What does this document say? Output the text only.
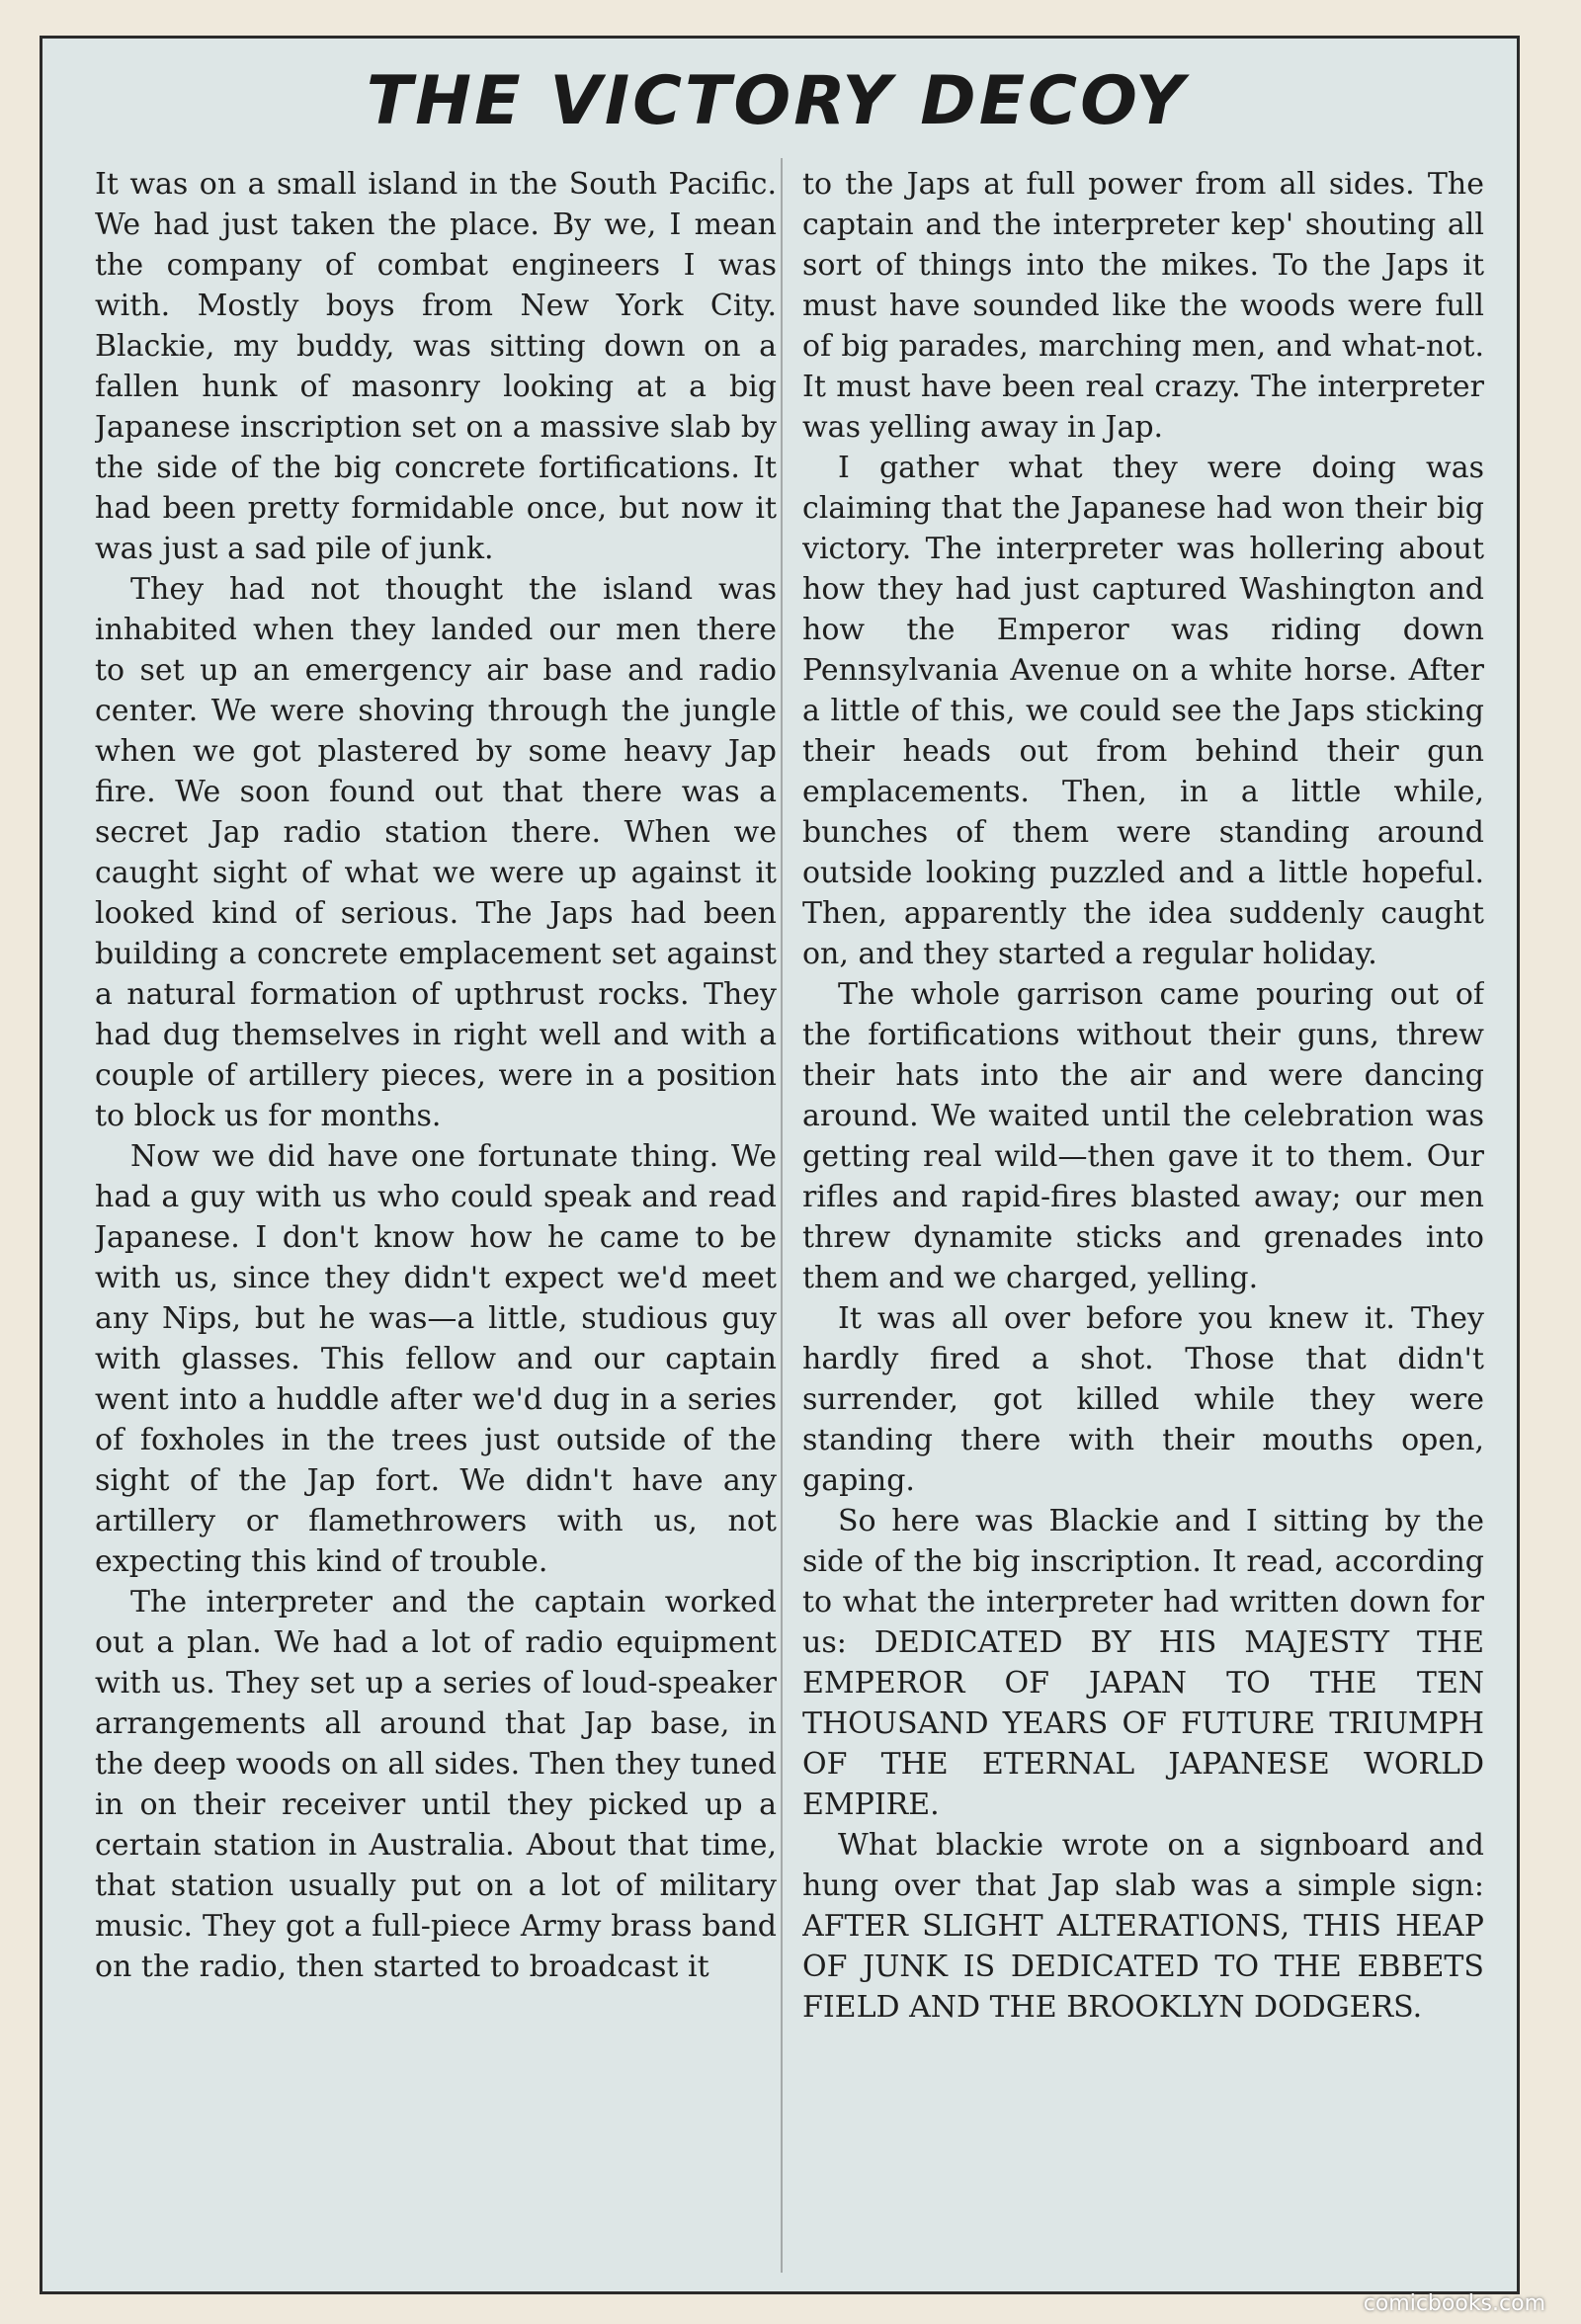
THE VICTORY DECOY

It was on a small island in the South Pacific. We had just taken the place. By we, I mean the company of combat engineers I was with. Mostly boys from New York City. Blackie, my buddy, was sitting down on a fallen hunk of masonry looking at a big Japanese inscription set on a massive slab by the side of the big concrete fortifications. It had been pretty formidable once, but now it was just a sad pile of junk.

They had not thought the island was inhabited when they landed our men there to set up an emergency air base and radio center. We were shoving through the jungle when we got plastered by some heavy Jap fire. We soon found out that there was a secret Jap radio station there. When we caught sight of what we were up against it looked kind of serious. The Japs had been building a concrete emplacement set against a natural formation of upthrust rocks. They had dug themselves in right well and with a couple of artillery pieces, were in a position to block us for months.

Now we did have one fortunate thing. We had a guy with us who could speak and read Japanese. I don't know how he came to be with us, since they didn't expect we'd meet any Nips, but he was—a little, studious guy with glasses. This fellow and our captain went into a huddle after we'd dug in a series of foxholes in the trees just outside of the sight of the Jap fort. We didn't have any artillery or flamethrowers with us, not expecting this kind of trouble.

The interpreter and the captain worked out a plan. We had a lot of radio equipment with us. They set up a series of loud-speaker arrangements all around that Jap base, in the deep woods on all sides. Then they tuned in on their receiver until they picked up a certain station in Australia. About that time, that station usually put on a lot of military music. They got a full-piece Army brass band on the radio, then started to broadcast it

to the Japs at full power from all sides. The captain and the interpreter kep' shouting all sort of things into the mikes. To the Japs it must have sounded like the woods were full of big parades, marching men, and what-not. It must have been real crazy. The interpreter was yelling away in Jap.

I gather what they were doing was claiming that the Japanese had won their big victory. The interpreter was hollering about how they had just captured Washington and how the Emperor was riding down Pennsylvania Avenue on a white horse. After a little of this, we could see the Japs sticking their heads out from behind their gun emplacements. Then, in a little while, bunches of them were standing around outside looking puzzled and a little hopeful. Then, apparently the idea suddenly caught on, and they started a regular holiday.

The whole garrison came pouring out of the fortifications without their guns, threw their hats into the air and were dancing around. We waited until the celebration was getting real wild—then gave it to them. Our rifles and rapid-fires blasted away; our men threw dynamite sticks and grenades into them and we charged, yelling.

It was all over before you knew it. They hardly fired a shot. Those that didn't surrender, got killed while they were standing there with their mouths open, gaping.

So here was Blackie and I sitting by the side of the big inscription. It read, according to what the interpreter had written down for us: DEDICATED BY HIS MAJESTY THE EMPEROR OF JAPAN TO THE TEN THOUSAND YEARS OF FUTURE TRIUMPH OF THE ETERNAL JAPANESE WORLD EMPIRE.

What blackie wrote on a signboard and hung over that Jap slab was a simple sign: AFTER SLIGHT ALTERATIONS, THIS HEAP OF JUNK IS DEDICATED TO THE EBBETS FIELD AND THE BROOKLYN DODGERS.

comicbooks.com
